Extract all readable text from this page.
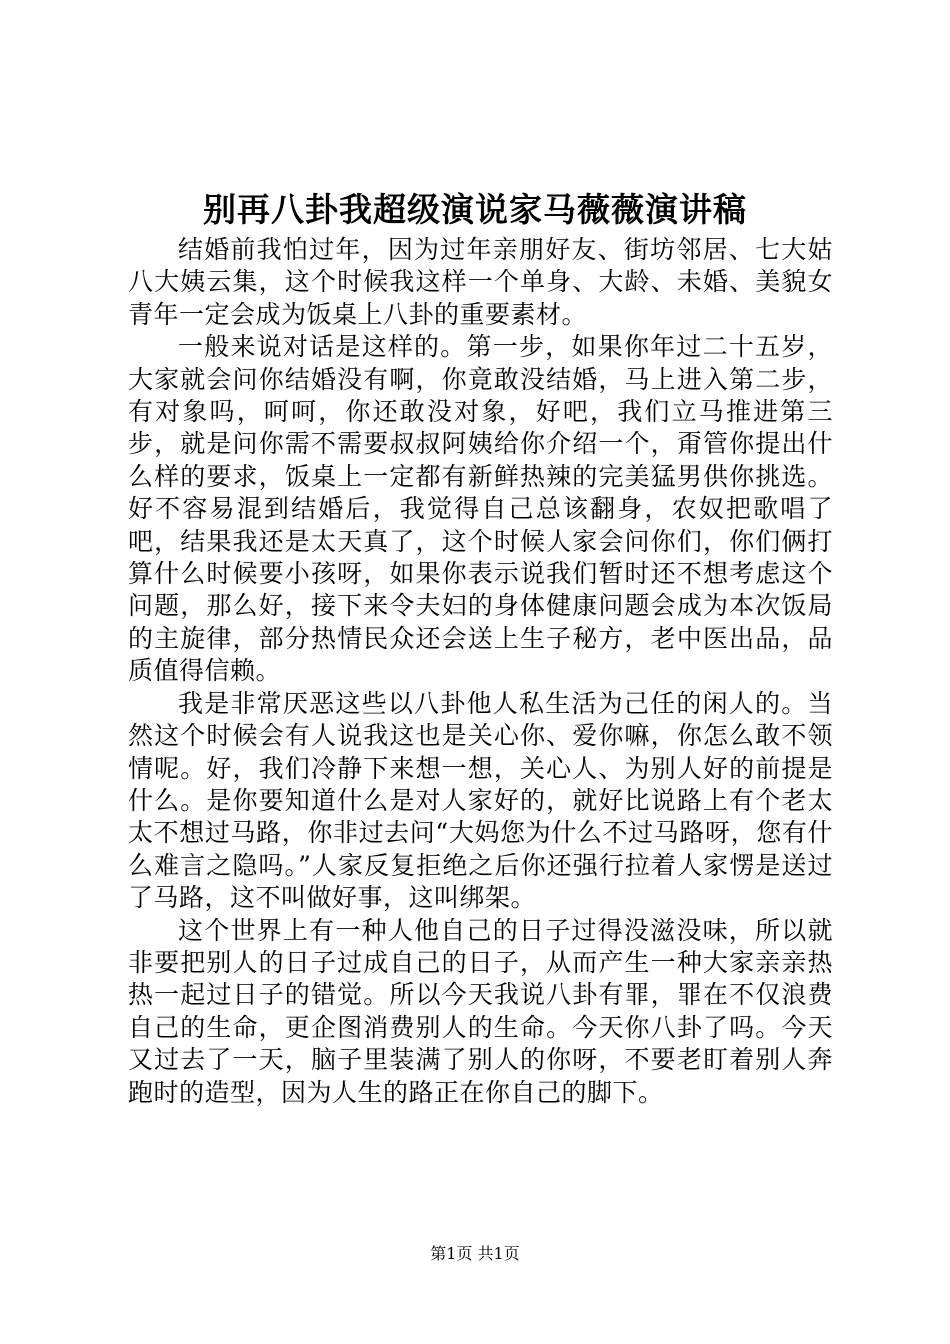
别再八卦我超级演说家马薇薇演讲稿

结婚前我怕过年，因为过年亲朋好友、街坊邻居、七大姑八大姨云集，这个时候我这样一个单身、大龄、未婚、美貌女青年一定会成为饭桌上八卦的重要素材。

一般来说对话是这样的。第一步，如果你年过二十五岁，大家就会问你结婚没有啊，你竟敢没结婚，马上进入第二步，有对象吗，呵呵，你还敢没对象，好吧，我们立马推进第三步，就是问你需不需要叔叔阿姨给你介绍一个，甭管你提出什么样的要求，饭桌上一定都有新鲜热辣的完美猛男供你挑选。好不容易混到结婚后，我觉得自己总该翻身，农奴把歌唱了吧，结果我还是太天真了，这个时候人家会问你们，你们俩打算什么时候要小孩呀，如果你表示说我们暂时还不想考虑这个问题，那么好，接下来令夫妇的身体健康问题会成为本次饭局的主旋律，部分热情民众还会送上生子秘方，老中医出品，品质值得信赖。

我是非常厌恶这些以八卦他人私生活为己任的闲人的。当然这个时候会有人说我这也是关心你、爱你嘛，你怎么敢不领情呢。好，我们冷静下来想一想，关心人、为别人好的前提是什么。是你要知道什么是对人家好的，就好比说路上有个老太太不想过马路，你非过去问“大妈您为什么不过马路呀，您有什么难言之隐吗。”人家反复拒绝之后你还强行拉着人家愣是送过了马路，这不叫做好事，这叫绑架。

这个世界上有一种人他自己的日子过得没滋没味，所以就非要把别人的日子过成自己的日子，从而产生一种大家亲亲热热一起过日子的错觉。所以今天我说八卦有罪，罪在不仅浪费自己的生命，更企图消费别人的生命。今天你八卦了吗。今天又过去了一天，脑子里装满了别人的你呀，不要老盯着别人奔跑时的造型，因为人生的路正在你自己的脚下。

第1页 共1页
